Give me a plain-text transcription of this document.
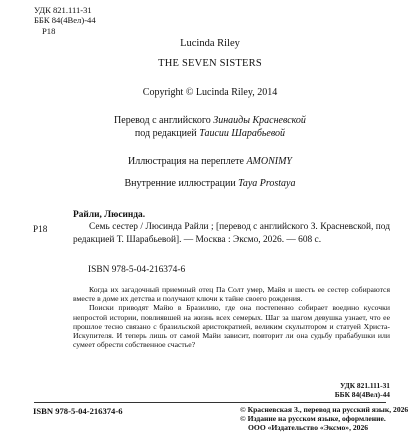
УДК 821.111-31
ББК 84(4Вел)-44
Р18
Lucinda Riley
THE SEVEN SISTERS
Copyright © Lucinda Riley, 2014
Перевод с английского Зинаиды Красневской
под редакцией Таисии Шарабьевой
Иллюстрация на переплете AMONIMY
Внутренние иллюстрации Taya Prostaya
Р18
Райли, Люсинда.
Семь сестер / Люсинда Райли ; [перевод с английского З. Красневской, под редакцией Т. Шарабьевой]. — Москва : Эксмо, 2026. — 608 с.
ISBN 978-5-04-216374-6

Когда их загадочный приемный отец Па Солт умер, Майя и шесть ее сестер собираются вместе в доме их детства и получают ключи к тайне своего рождения.

Поиски приводят Майю в Бразилию, где она постепенно собирает воедино кусочки непростой истории, повлиявшей на жизнь всех семерых. Шаг за шагом девушка узнает, что ее прошлое тесно связано с бразильской аристократией, великим скульптором и статуей Христа-Искупителя. И теперь лишь от самой Майи зависит, повторит ли она судьбу прабабушки или сумеет обрести собственное счастье?

УДК 821.111-31
ББК 84(4Вел)-44
ISBN 978-5-04-216374-6	© Красневская З., перевод на русский язык, 2026
© Издание на русском языке, оформление.
ООО «Издательство «Эксмо», 2026
